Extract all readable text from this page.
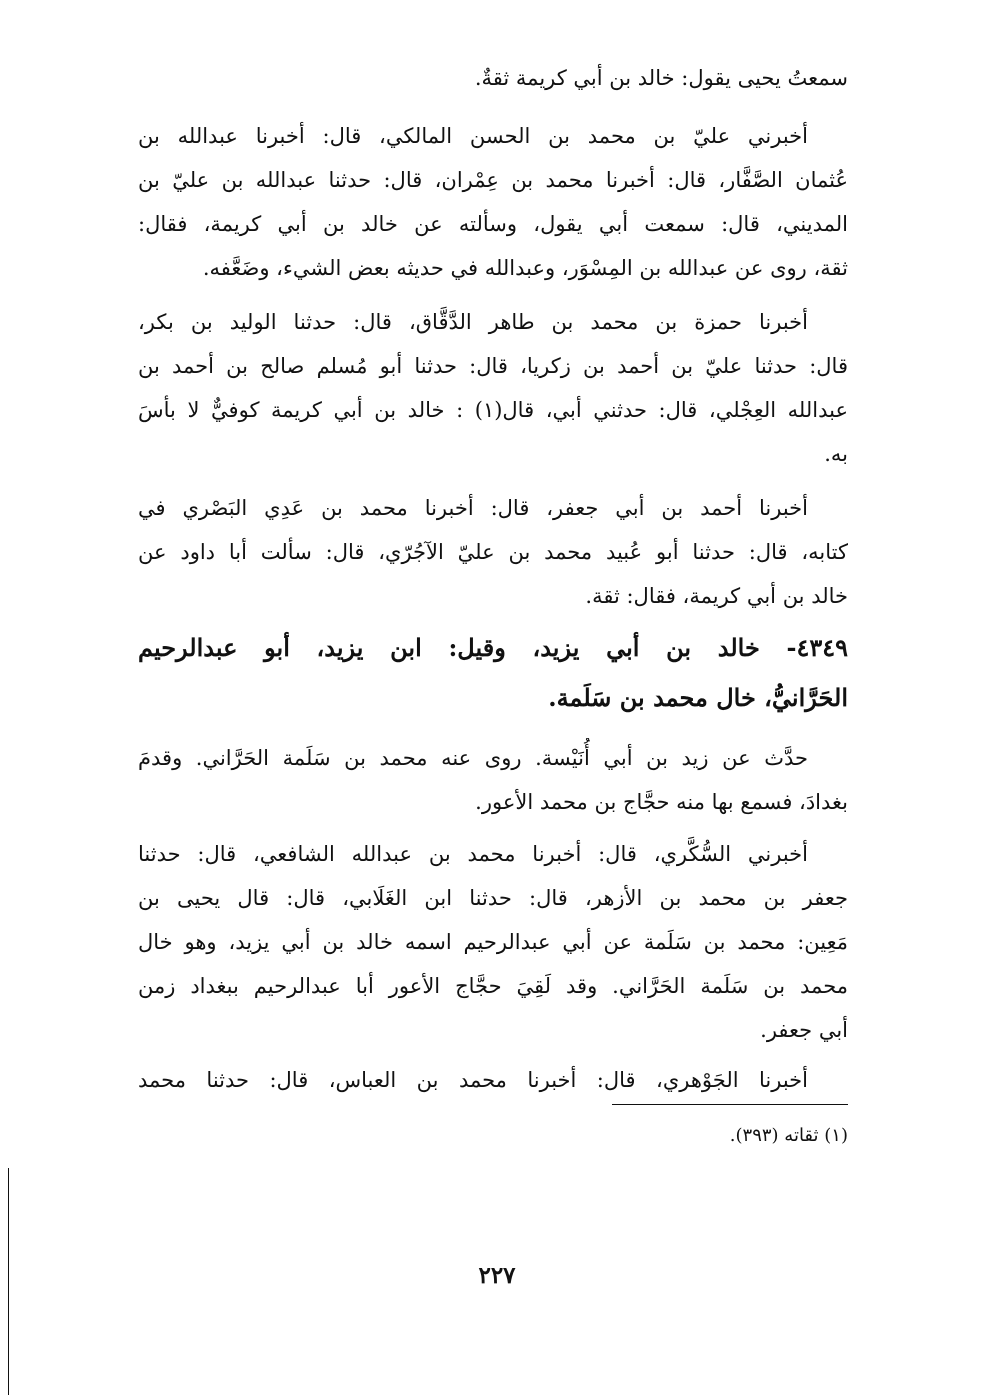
سمعتُ يحيى يقول: خالد بن أبي كريمة ثقةٌ.
أخبرني عليّ بن محمد بن الحسن المالكي، قال: أخبرنا عبدالله بن
عُثمان الصَّفَّار، قال: أخبرنا محمد بن عِمْران، قال: حدثنا عبدالله بن عليّ بن
المديني، قال: سمعت أبي يقول، وسألته عن خالد بن أبي كريمة، فقال:
ثقة، روى عن عبدالله بن المِسْوَر، وعبدالله في حديثه بعض الشيء، وضَعَّفه.
أخبرنا حمزة بن محمد بن طاهر الدَّقَّاق، قال: حدثنا الوليد بن بكر،
قال: حدثنا عليّ بن أحمد بن زكريا، قال: حدثنا أبو مُسلم صالح بن أحمد بن
عبدالله العِجْلي، قال: حدثني أبي، قال(١) : خالد بن أبي كريمة كوفيٌّ لا بأسَ
به.
أخبرنا أحمد بن أبي جعفر، قال: أخبرنا محمد بن عَدِي البَصْري في
كتابه، قال: حدثنا أبو عُبيد محمد بن عليّ الآجُرّي، قال: سألت أبا داود عن
خالد بن أبي كريمة، فقال: ثقة.
٤٣٤٩- خالد بن أبي يزيد، وقيل: ابن يزيد، أبو عبدالرحيم
الحَرَّانيُّ، خال محمد بن سَلَمة.
حدَّث عن زيد بن أبي أُنَيْسة. روى عنه محمد بن سَلَمة الحَرَّاني. وقدمَ
بغدادَ، فسمع بها منه حجَّاج بن محمد الأعور.
أخبرني السُّكَّري، قال: أخبرنا محمد بن عبدالله الشافعي، قال: حدثنا
جعفر بن محمد بن الأزهر، قال: حدثنا ابن الغَلَابي، قال: قال يحيى بن
مَعِين: محمد بن سَلَمة عن أبي عبدالرحيم اسمه خالد بن أبي يزيد، وهو خال
محمد بن سَلَمة الحَرَّاني. وقد لَقِيَ حجَّاج الأعور أبا عبدالرحيم ببغداد زمن
أبي جعفر.
أخبرنا الجَوْهري، قال: أخبرنا محمد بن العباس، قال: حدثنا محمد
(١) ثقاته (٣٩٣).
٢٢٧
